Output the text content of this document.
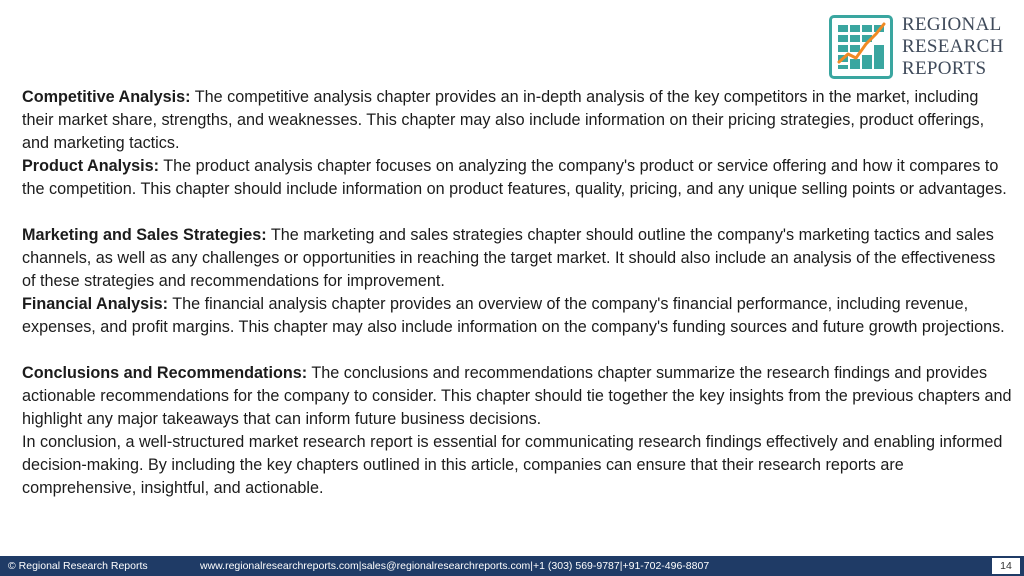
REGIONAL
RESEARCH
REPORTS

Competitive Analysis: The competitive analysis chapter provides an in-depth analysis of the key competitors in the market, including their market share, strengths, and weaknesses. This chapter may also include information on their pricing strategies, product offerings, and marketing tactics.

Product Analysis: The product analysis chapter focuses on analyzing the company's product or service offering and how it compares to the competition. This chapter should include information on product features, quality, pricing, and any unique selling points or advantages.

Marketing and Sales Strategies: The marketing and sales strategies chapter should outline the company's marketing tactics and sales channels, as well as any challenges or opportunities in reaching the target market. It should also include an analysis of the effectiveness of these strategies and recommendations for improvement.

Financial Analysis: The financial analysis chapter provides an overview of the company's financial performance, including revenue, expenses, and profit margins. This chapter may also include information on the company's funding sources and future growth projections.

Conclusions and Recommendations: The conclusions and recommendations chapter summarize the research findings and provides actionable recommendations for the company to consider. This chapter should tie together the key insights from the previous chapters and highlight any major takeaways that can inform future business decisions.

In conclusion, a well-structured market research report is essential for communicating research findings effectively and enabling informed decision-making. By including the key chapters outlined in this article, companies can ensure that their research reports are comprehensive, insightful, and actionable.

© Regional Research Reports	www.regionalresearchreports.com|sales@regionalresearchreports.com|+1 (303) 569-9787|+91-702-496-8807	14
